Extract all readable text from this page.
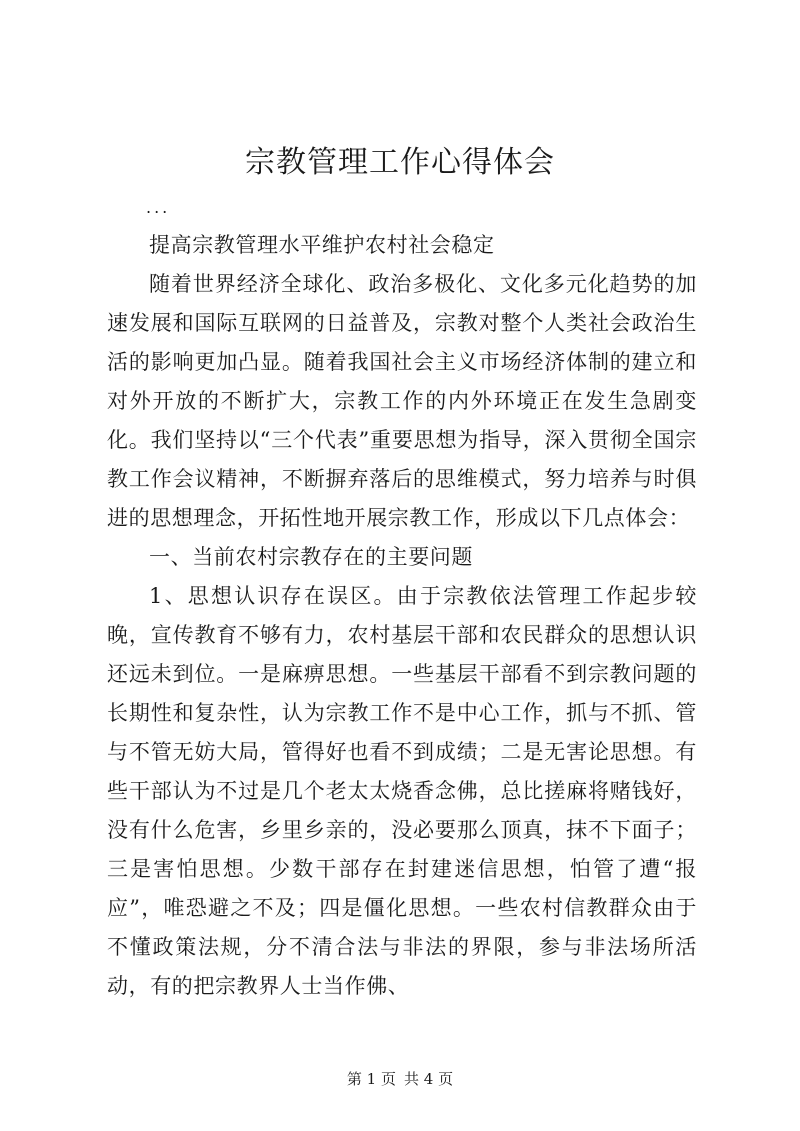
宗教管理工作心得体会
...

提高宗教管理水平维护农村社会稳定

随着世界经济全球化、政治多极化、文化多元化趋势的加速发展和国际互联网的日益普及，宗教对整个人类社会政治生活的影响更加凸显。随着我国社会主义市场经济体制的建立和对外开放的不断扩大，宗教工作的内外环境正在发生急剧变化。我们坚持以“三个代表”重要思想为指导，深入贯彻全国宗教工作会议精神，不断摒弃落后的思维模式，努力培养与时俱进的思想理念，开拓性地开展宗教工作，形成以下几点体会：

一、当前农村宗教存在的主要问题

1、思想认识存在误区。由于宗教依法管理工作起步较晚，宣传教育不够有力，农村基层干部和农民群众的思想认识还远未到位。一是麻痹思想。一些基层干部看不到宗教问题的长期性和复杂性，认为宗教工作不是中心工作，抓与不抓、管与不管无妨大局，管得好也看不到成绩；二是无害论思想。有些干部认为不过是几个老太太烧香念佛，总比搓麻将赌钱好，没有什么危害，乡里乡亲的，没必要那么顶真，抹不下面子；三是害怕思想。少数干部存在封建迷信思想，怕管了遭“报应”，唯恐避之不及；四是僵化思想。一些农村信教群众由于不懂政策法规，分不清合法与非法的界限，参与非法场所活动，有的把宗教界人士当作佛、

第 1 页 共 4 页
